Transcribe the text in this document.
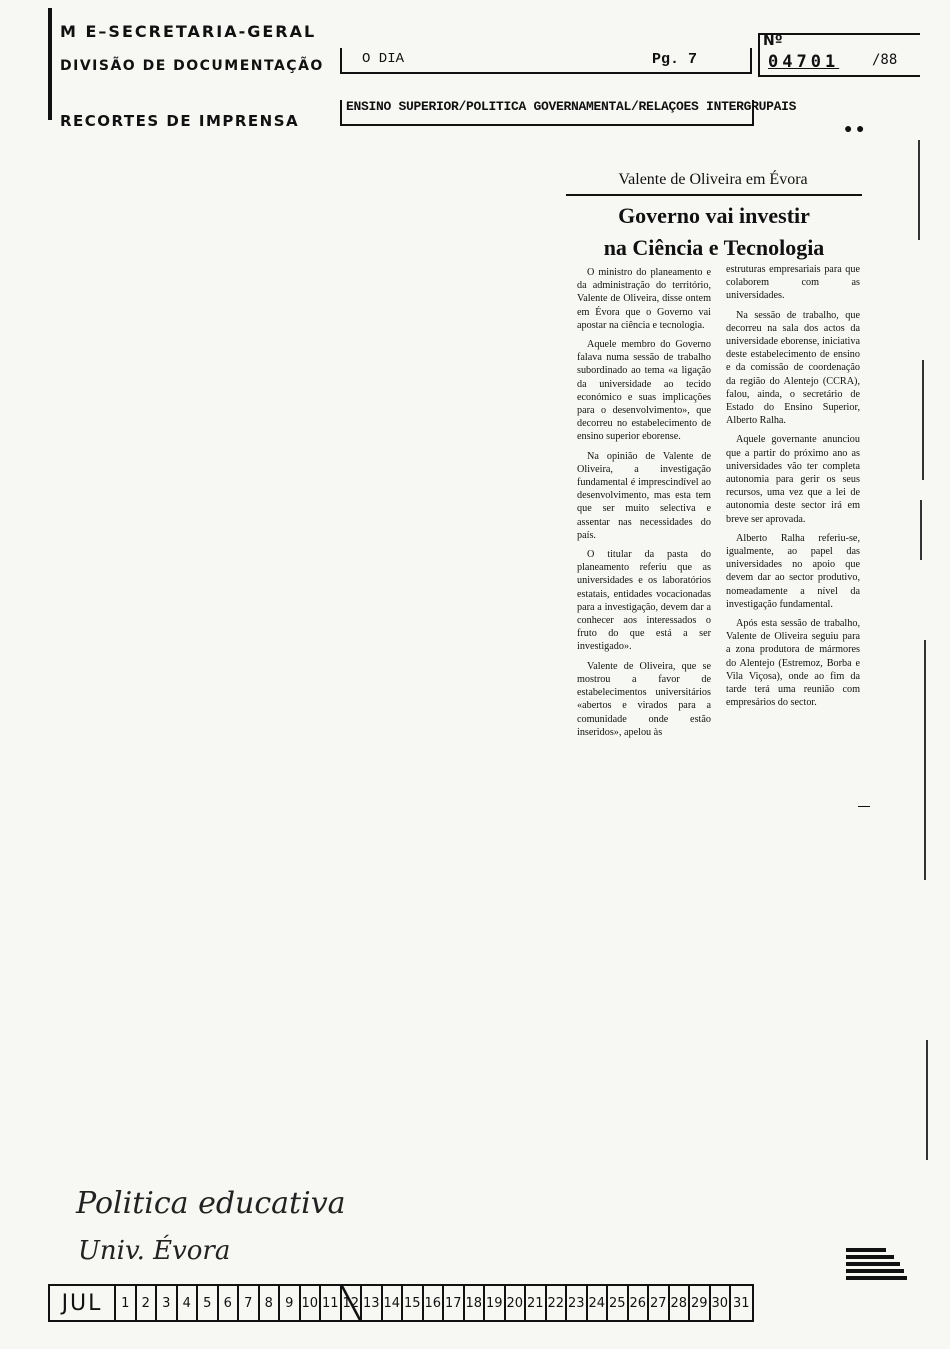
M E–SECRETARIA-GERAL
DIVISÃO DE DOCUMENTAÇÃO
RECORTES DE IMPRENSA
O DIA	Pg. 7
Nº
04701 /88
ENSINO SUPERIOR/POLITICA GOVERNAMENTAL/RELAÇOES INTERGRUPAIS
● ●
Valente de Oliveira em Évora
Governo vai investir
na Ciência e Tecnologia

O ministro do planeamento e da administração do território, Valente de Oliveira, disse ontem em Évora que o Governo vai apostar na ciência e tecnologia.

Aquele membro do Governo falava numa sessão de trabalho subordinado ao tema «a ligação da universidade ao tecido económico e suas implicações para o desenvolvimento», que decorreu no estabelecimento de ensino superior eborense.

Na opinião de Valente de Oliveira, a investigação fundamental é imprescindível ao desenvolvimento, mas esta tem que ser muito selectiva e assentar nas necessidades do país.

O titular da pasta do planeamento referiu que as universidades e os laboratórios estatais, entidades vocacionadas para a investigação, devem dar a conhecer aos interessados o fruto do que está a ser investigado».

Valente de Oliveira, que se mostrou a favor de estabelecimentos universitários «abertos e virados para a comunidade onde estão inseridos», apelou às

estruturas empresariais para que colaborem com as universidades.

Na sessão de trabalho, que decorreu na sala dos actos da universidade eborense, iniciativa deste estabelecimento de ensino e da comissão de coordenação da região do Alentejo (CCRA), falou, ainda, o secretário de Estado do Ensino Superior, Alberto Ralha.

Aquele governante anunciou que a partir do próximo ano as universidades vão ter completa autonomia para gerir os seus recursos, uma vez que a lei de autonomia deste sector irá em breve ser aprovada.

Alberto Ralha referiu-se, igualmente, ao papel das universidades no apoio que devem dar ao sector produtivo, nomeadamente a nível da investigação fundamental.

Após esta sessão de trabalho, Valente de Oliveira seguiu para a zona produtora de mármores do Alentejo (Estremoz, Borba e Vila Viçosa), onde ao fim da tarde terá uma reunião com empresários do sector.

Politica educativa
Univ. Évora
JUL	1 2 3 4 5 6 7 8 9 10 11 12 13 14 15 16 17 18 19 20 21 22 23 24 25 26 27 28 29 30 31
